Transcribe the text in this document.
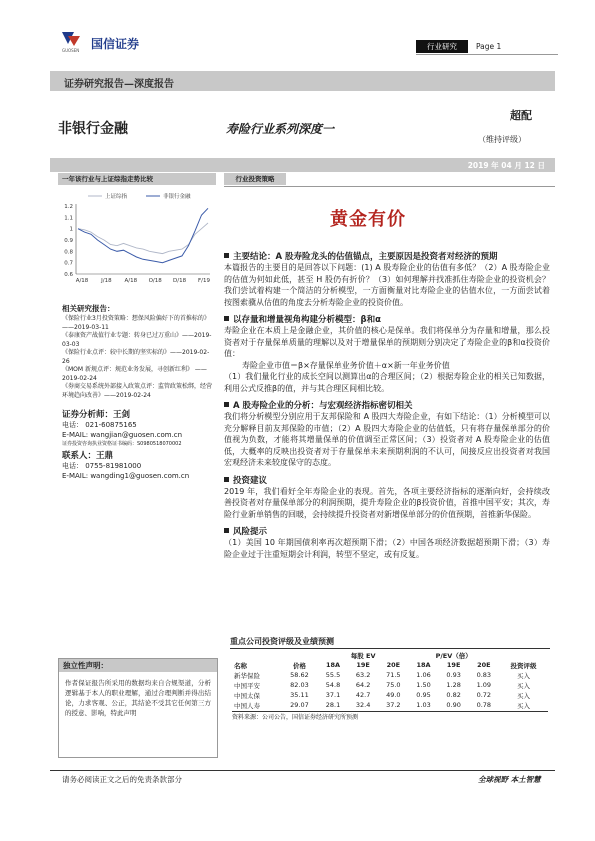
国信证券
GUOSEN	行业研究	Page 1
证券研究报告—深度报告
非银行金融	寿险行业系列深度一
超配
（维持评级）
2019 年 04 月 12 日
一年该行业与上证综指走势比较
上证综指	非银行金融
1.2
1.1
1
0.9
0.8
0.7
0.6
A/18 J/18 A/18 O/18 D/18 F/19
相关研究报告：
《保险行业3月投资策略：想保风险偏好下的首推标的》 ——2019-03-11
《泰康资产战值行业专题：转身已过万重山》——2019-03-03
《保险行业点评：较中长期的坚实标的》——2019-02-26
《MOM 新规点评：规范业务发展，寻创新红利》 ——2019-02-24
《券商交易系统外部接入政策点评：监管政策松绑，经营环境趋向改善》——2019-02-24
证券分析师：王剑
电话： 021-60875165
E-MAIL: wangjian@guosen.com.cn
证券投资咨询执业资格证书编码：S0980518070002
联系人：王鼎
电话： 0755-81981000
E-MAIL: wangding1@guosen.com.cn
独立性声明：
作者保证报告所采用的数据均来自合规渠道，分析逻辑基于本人的职业理解，通过合理判断并得出结论，力求客观、公正，其结论不受其它任何第三方的授意、影响，特此声明
行业投资策略
黄金有价
主要结论：A 股寿险龙头的估值锚点，主要原因是投资者对经济的预期
本篇报告的主要目的是回答以下问题：(1) A 股寿险企业的估值有多低？（2）A 股寿险企业的估值为何如此低，甚至 H 股仍有折价？（3）如何理解并找准抓住寿险企业的投资机会？我们尝试着构建一个简洁的分析模型，一方面衡量对比寿险企业的估值水位，一方面尝试着按图索骥从估值的角度去分析寿险企业的投资价值。
以存量和增量视角构建分析模型：β和α
寿险企业在本质上是金融企业，其价值的核心是保单。我们将保单分为存量和增量，那么投资者对于存量保单质量的理解以及对于增量保单的预期则分别决定了寿险企业的β和α投资价值：
寿险企业市值＝β×存量保单业务价值＋α×新一年业务价值
（1）我们量化行业的成长空间以测算出α的合理区间；（2）根据寿险企业的相关已知数据，利用公式反推β的值，并与其合理区间相比较。
A 股寿险企业的分析：与宏观经济指标密切相关
我们将分析模型分别应用于友邦保险和 A 股四大寿险企业，有如下结论：（1）分析模型可以充分解释目前友邦保险的市值；（2）A 股四大寿险企业的估值低，只有将存量保单部分的价值视为负数，才能将其增量保单的价值调至正常区间；（3）投资者对 A 股寿险企业的估值低，大概率的反映出投资者对于存量保单未来预期利润的不认可，间接反应出投资者对我国宏观经济未来较度保守的态度。
投资建议
2019 年，我们看好全年寿险企业的表现。首先，各项主要经济指标的逐渐向好，会持续改善投资者对存量保单部分的利润预期，提升寿险企业的β投资价值，首推中国平安；其次，寿险行业新单销售的回暖，会持续提升投资者对新增保单部分的价值预期，首推新华保险。
风险提示
（1）美国 10 年期国债利率再次超预期下滑；（2）中国各项经济数据超预期下滑；（3）寿险企业过于注重短期会计利润，转型不坚定，或有反复。
重点公司投资评级及业绩预测
		每股 EV			P/EV（倍）			
名称	价格	18A	19E	20E	18A	19E	20E	投资评级
新华保险	58.62	55.5	63.2	71.5	1.06	0.93	0.83	买入
中国平安	82.03	54.8	64.2	75.0	1.50	1.28	1.09	买入
中国太保	35.11	37.1	42.7	49.0	0.95	0.82	0.72	买入
中国人寿	29.07	28.1	32.4	37.2	1.03	0.90	0.78	买入
资料来源：公司公告，国信证券经济研究所预测
请务必阅读正文之后的免责条款部分	全球视野 本土智慧
